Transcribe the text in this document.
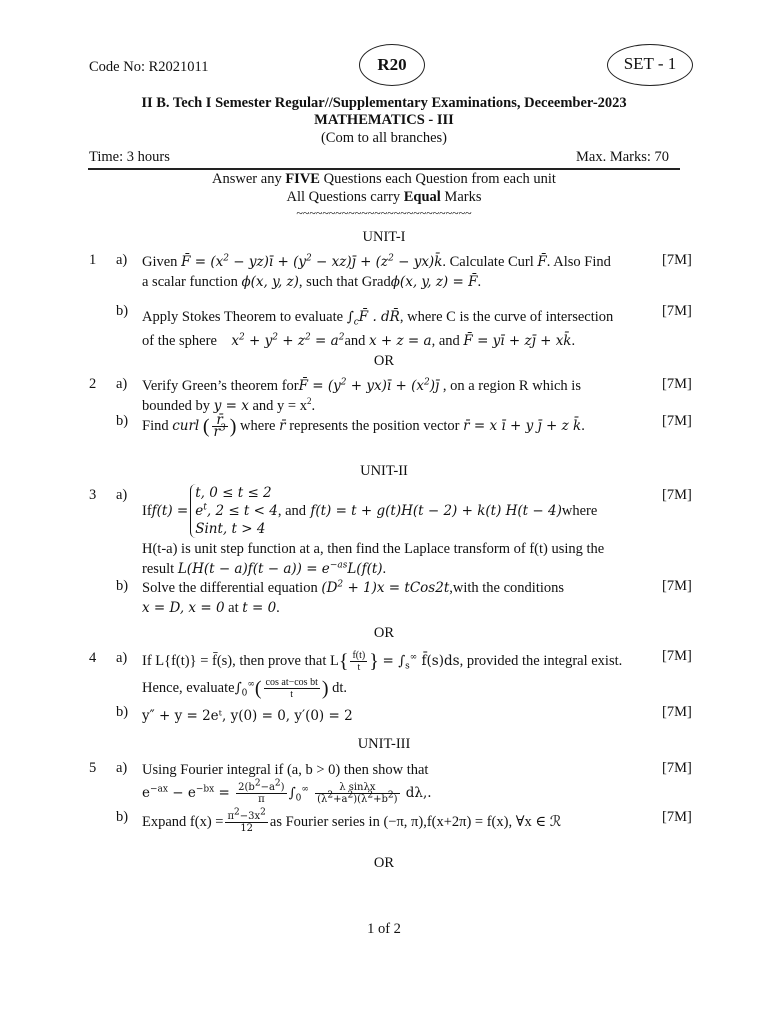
Code No: R2021011	R20	SET - 1
II B. Tech I Semester Regular//Supplementary Examinations, Deceember-2023
MATHEMATICS - III
(Com to all branches)
Time: 3 hours	Max. Marks: 70
Answer any FIVE Questions each Question from each unit
All Questions carry Equal Marks
~~~~~~~~~~~~~~~~~~~~~~~~~~~
UNIT-I
1 a) Given F̄ = ($x^2$ − yz)ī + ($y^2$ − xz)j̄ + ($z^2$ − yx)k̄. Calculate Curl F̄. Also Find
a scalar function ϕ(x, y, z), such that Gradϕ(x, y, z) = F̄.
[7M]
b) Apply Stokes Theorem to evaluate $\int_cF̄$ . dR̄, where C is the curve of intersection
of the sphere $x^2 + y^2 + z^2 = a^2and$ x + z = a, and F̄ = yī + zj̄ + xk̄.
[7M]
OR
2 a) Verify Green’s theorem forF̄ = ($y^2$ + yx)ī + $(x^2)j̄$ , on a region R which is
bounded by y = x and $y = x^2$.
[7M]
b) Find curl ( $\frac{r̄}{r^3}$ ) where r̄ represents the position vector r̄ = x ī + y j̄ + z k̄.	[7M]
UNIT-II
3 a)
If f(t) =
t, 0 ≤ t ≤ 2
$e^t$, 2 ≤ t < 4
Sint, t > 4
, and f(t) = t + g(t)H(t − 2) + k(t) H(t − 4) where
H(t-a) is unit step function at a, then find the Laplace transform of f(t) using the
result $L(H(t - a)f(t - a)) = e^{-as}L(f(t)$.
[7M]
b) Solve the differential equation $(D^2 + 1)x$ = tCos2t,with the conditions
x = D, x = 0 at t = 0.
[7M]
OR
4 a) If L{f(t)} = f̄(s), then prove that $L\{ \frac{f(t)}{t}$ } = $\int_s^\infty$ f̄(s)ds, provided the integral exist.
Hence, $evaluate\int_0^\infty( \frac{\text{cos at−cos bt}}{t}$ ) dt.
[7M]
b) y″ + y = 2eᵗ, y(0) = 0, y′(0) = 2	[7M]
UNIT-III
5 a) Using Fourier integral if (a, b > 0) then show that
$e^{-ax} - e^{-bx} = \frac{2(b^2-a^2)}{\pi} \int_0^\infty \frac{\text{λ sinλx}}{(\lambda^2+a^2)(\lambda^2+b^2)} d\lambda$,.
[7M]
b) Expand $f(x) = \frac{\pi^2-3x^2}{12}$ as Fourier series in (−π, π),f(x+2π) = f(x), ∀x ∈ ℛ	[7M]
OR
1 of 2
